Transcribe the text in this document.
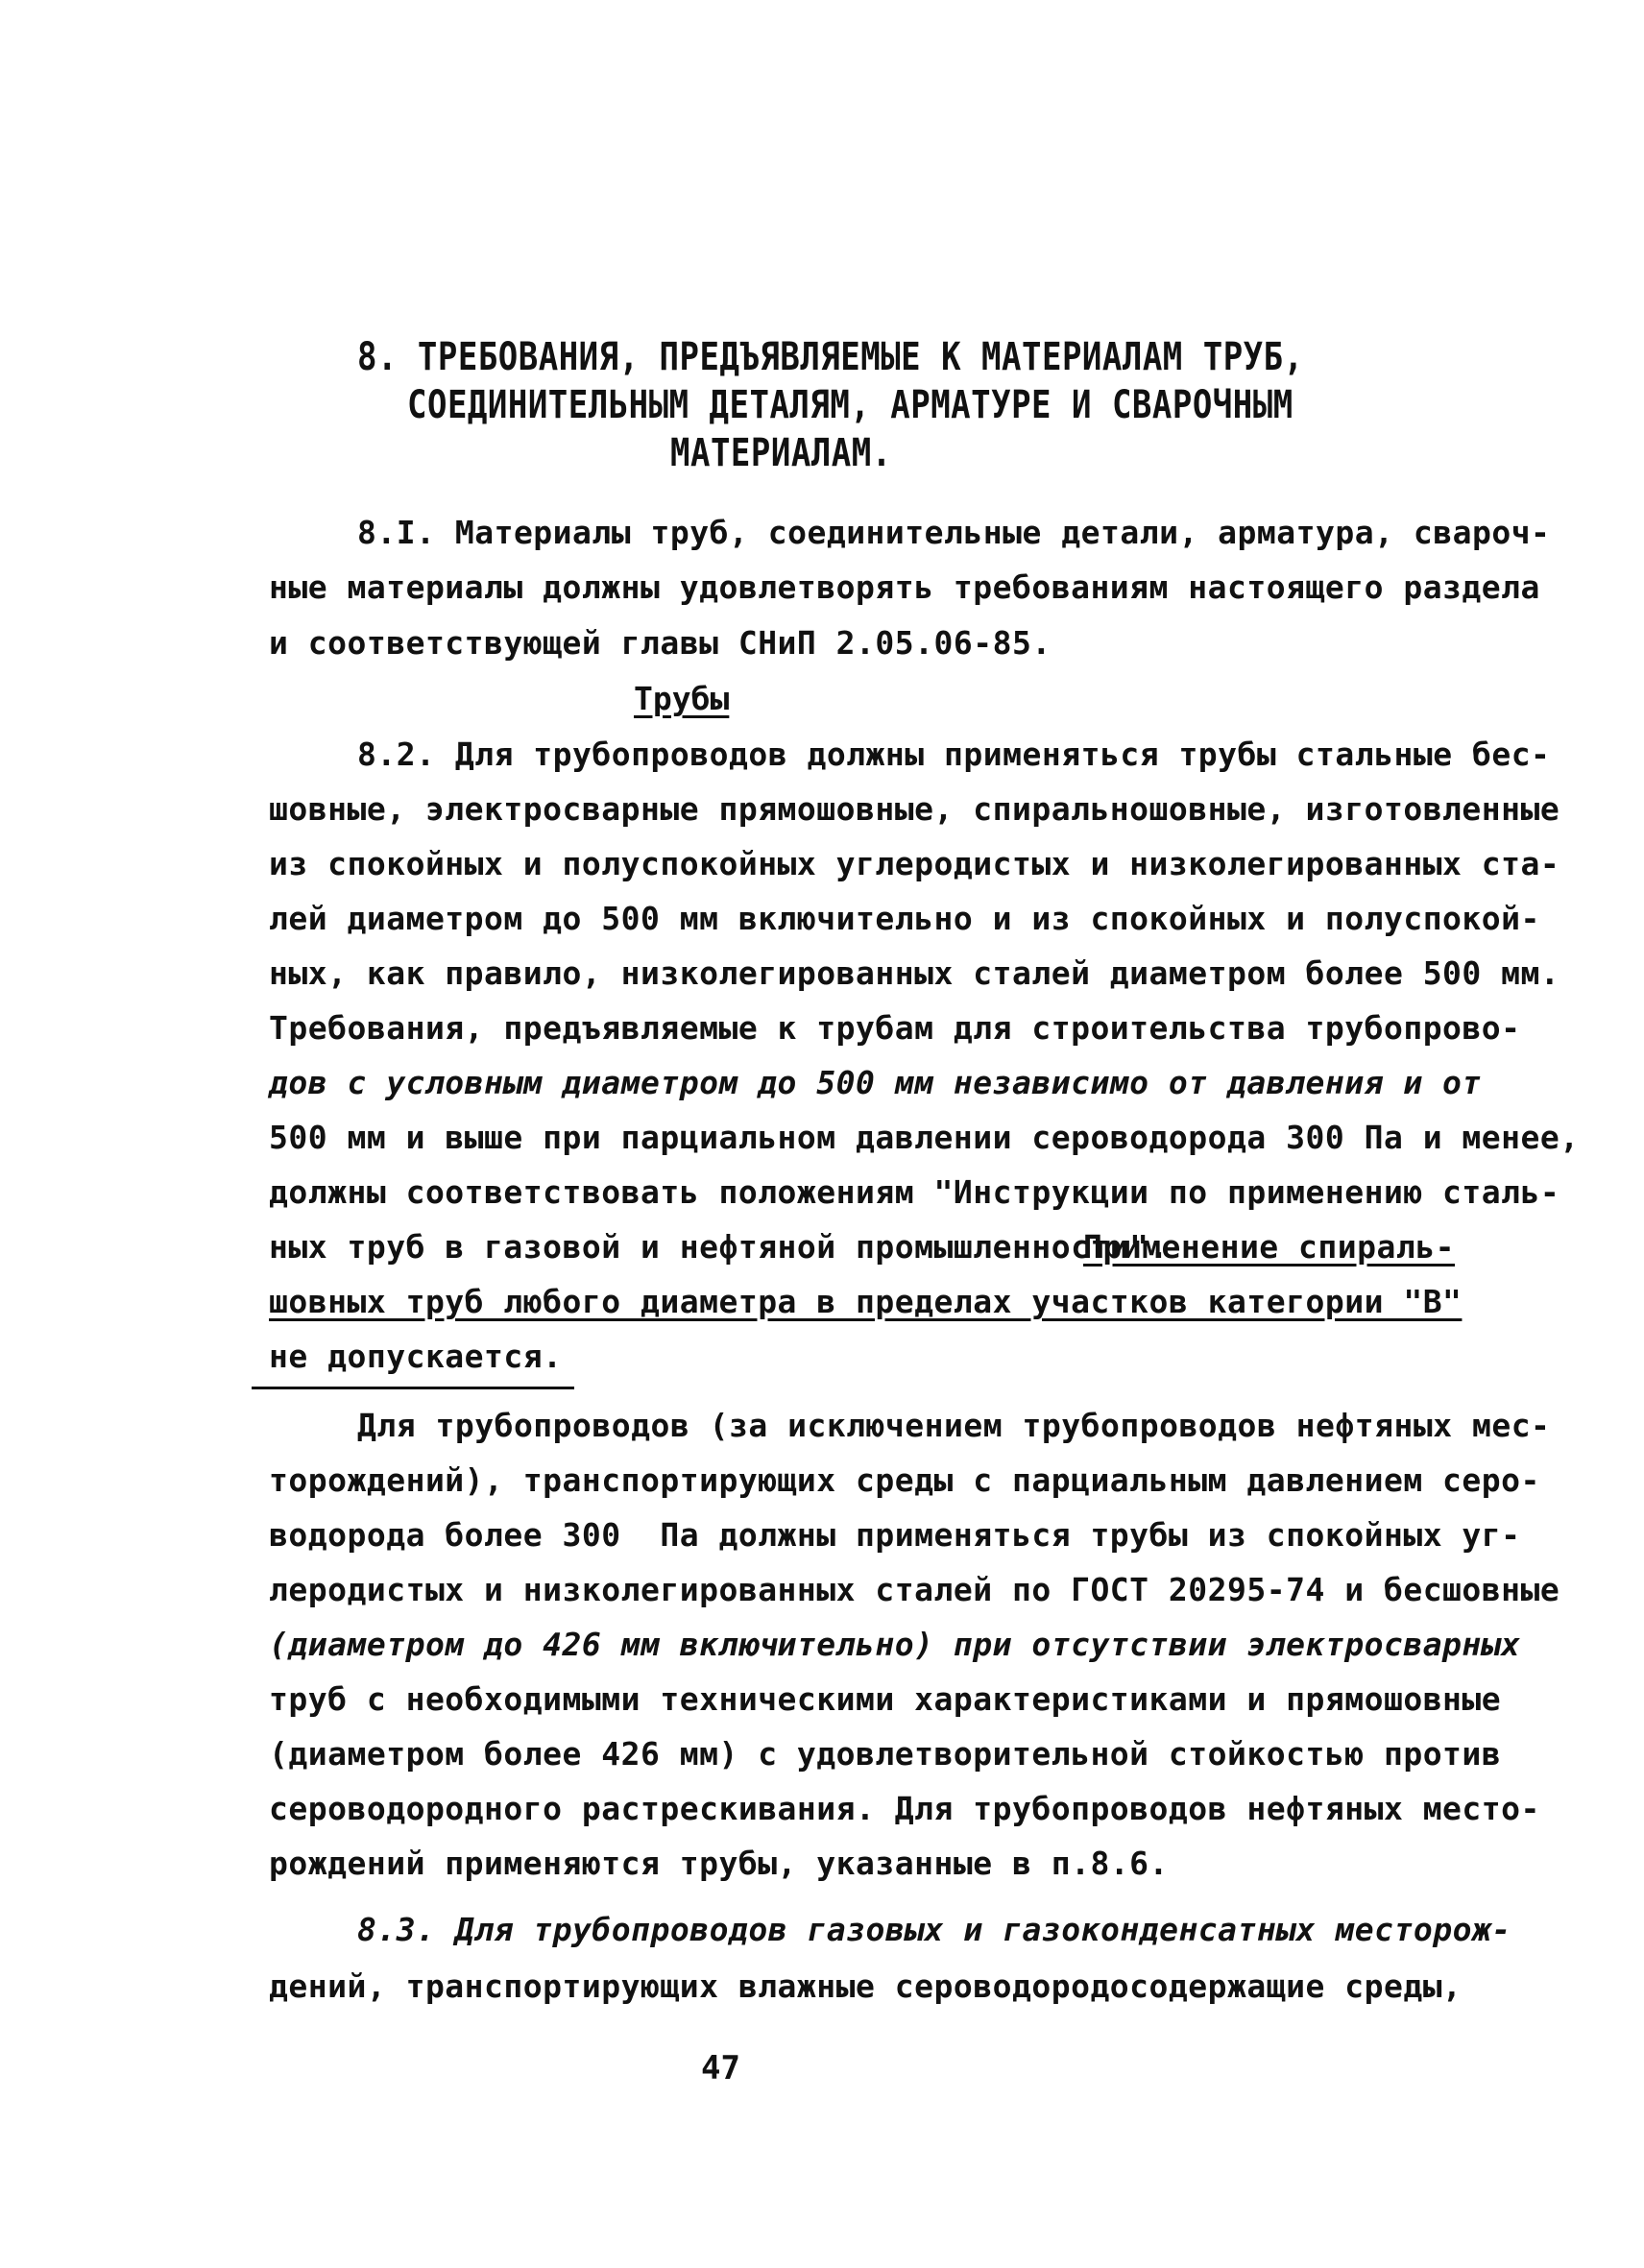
8. ТРЕБОВАНИЯ, ПРЕДЪЯВЛЯЕМЫЕ К МАТЕРИАЛАМ ТРУБ,
СОЕДИНИТЕЛЬНЫМ ДЕТАЛЯМ, АРМАТУРЕ И СВАРОЧНЫМ
МАТЕРИАЛАМ.
8.I. Материалы труб, соединительные детали, арматура, свароч-
ные материалы должны удовлетворять требованиям настоящего раздела
и соответствующей главы СНиП 2.05.06-85.
Трубы
8.2. Для трубопроводов должны применяться трубы стальные бес-
шовные, электросварные прямошовные, спиральношовные, изготовленные
из спокойных и полуспокойных углеродистых и низколегированных ста-
лей диаметром до 500 мм включительно и из спокойных и полуспокой-
ных, как правило, низколегированных сталей диаметром более 500 мм.
Требования, предъявляемые к трубам для строительства трубопрово-
дов с условным диаметром до 500 мм независимо от давления и от
500 мм и выше при парциальном давлении сероводорода 300 Па и менее,
должны соответствовать положениям "Инструкции по применению сталь-
ных труб в газовой и нефтяной промышленности".
Применение спираль-
шовных труб любого диаметра в пределах участков категории "В"
не допускается.
Для трубопроводов (за исключением трубопроводов нефтяных мес-
торождений), транспортирующих среды с парциальным давлением серо-
водорода более 300  Па должны применяться трубы из спокойных уг-
леродистых и низколегированных сталей по ГОСТ 20295-74 и бесшовные
(диаметром до 426 мм включительно) при отсутствии электросварных
труб с необходимыми техническими характеристиками и прямошовные
(диаметром более 426 мм) с удовлетворительной стойкостью против
сероводородного растрескивания. Для трубопроводов нефтяных место-
рождений применяются трубы, указанные в п.8.6.
8.3. Для трубопроводов газовых и газоконденсатных месторож-
дений, транспортирующих влажные сероводородосодержащие среды,
47
